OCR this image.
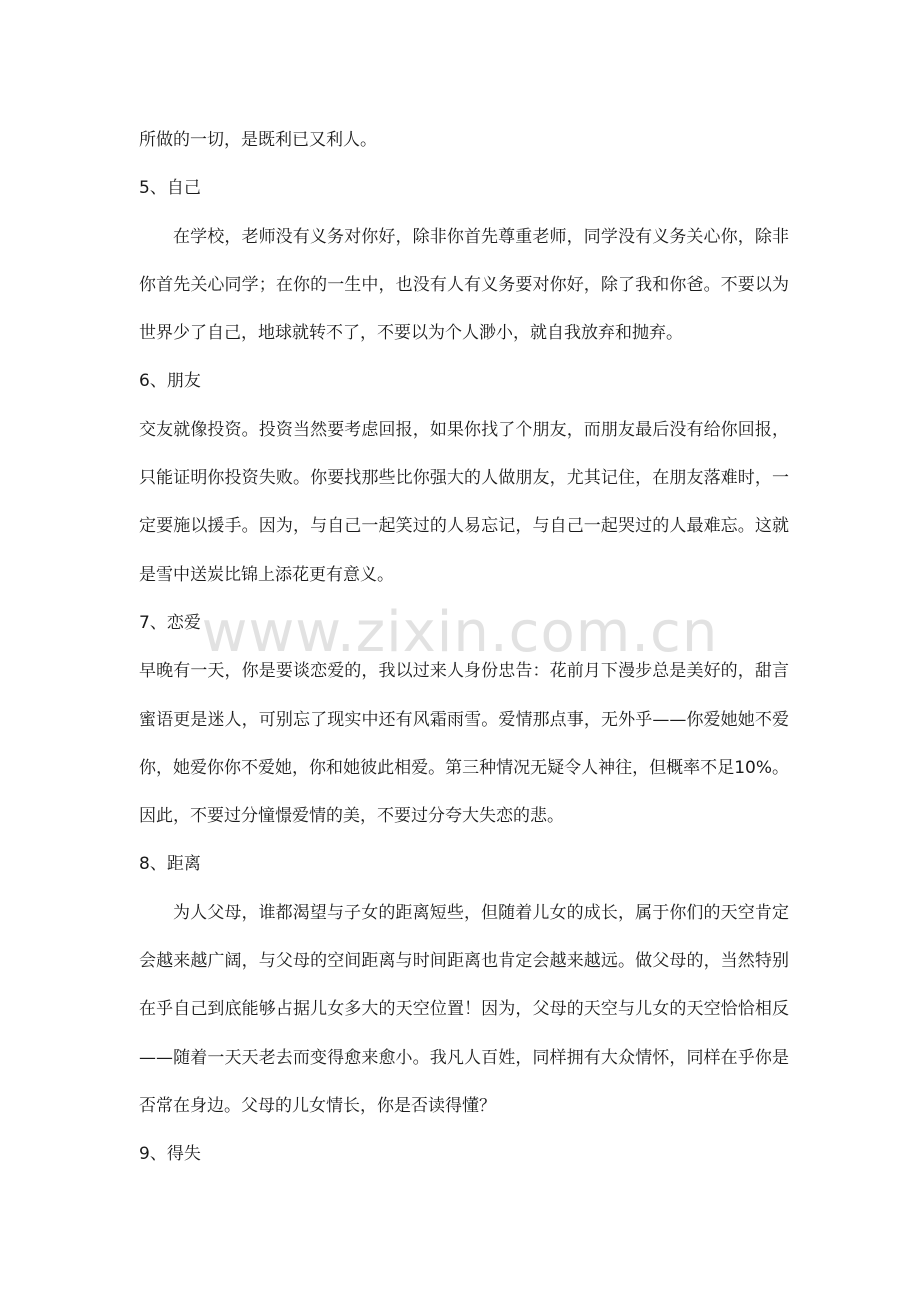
所做的一切，是既利已又利人。

5、自己

在学校，老师没有义务对你好，除非你首先尊重老师，同学没有义务关心你，除非你首先关心同学；在你的一生中，也没有人有义务要对你好，除了我和你爸。不要以为世界少了自己，地球就转不了，不要以为个人渺小，就自我放弃和抛弃。

6、朋友

交友就像投资。投资当然要考虑回报，如果你找了个朋友，而朋友最后没有给你回报，只能证明你投资失败。你要找那些比你强大的人做朋友，尤其记住，在朋友落难时，一定要施以援手。因为，与自己一起笑过的人易忘记，与自己一起哭过的人最难忘。这就是雪中送炭比锦上添花更有意义。

7、恋爱

早晚有一天，你是要谈恋爱的，我以过来人身份忠告：花前月下漫步总是美好的，甜言蜜语更是迷人，可别忘了现实中还有风霜雨雪。爱情那点事，无外乎——你爱她她不爱你，她爱你你不爱她，你和她彼此相爱。第三种情况无疑令人神往，但概率不足10%。因此，不要过分憧憬爱情的美，不要过分夸大失恋的悲。

8、距离

为人父母，谁都渴望与子女的距离短些，但随着儿女的成长，属于你们的天空肯定会越来越广阔，与父母的空间距离与时间距离也肯定会越来越远。做父母的，当然特别在乎自己到底能够占据儿女多大的天空位置！因为，父母的天空与儿女的天空恰恰相反——随着一天天老去而变得愈来愈小。我凡人百姓，同样拥有大众情怀，同样在乎你是否常在身边。父母的儿女情长，你是否读得懂？

9、得失

www.zixin.com.cn
